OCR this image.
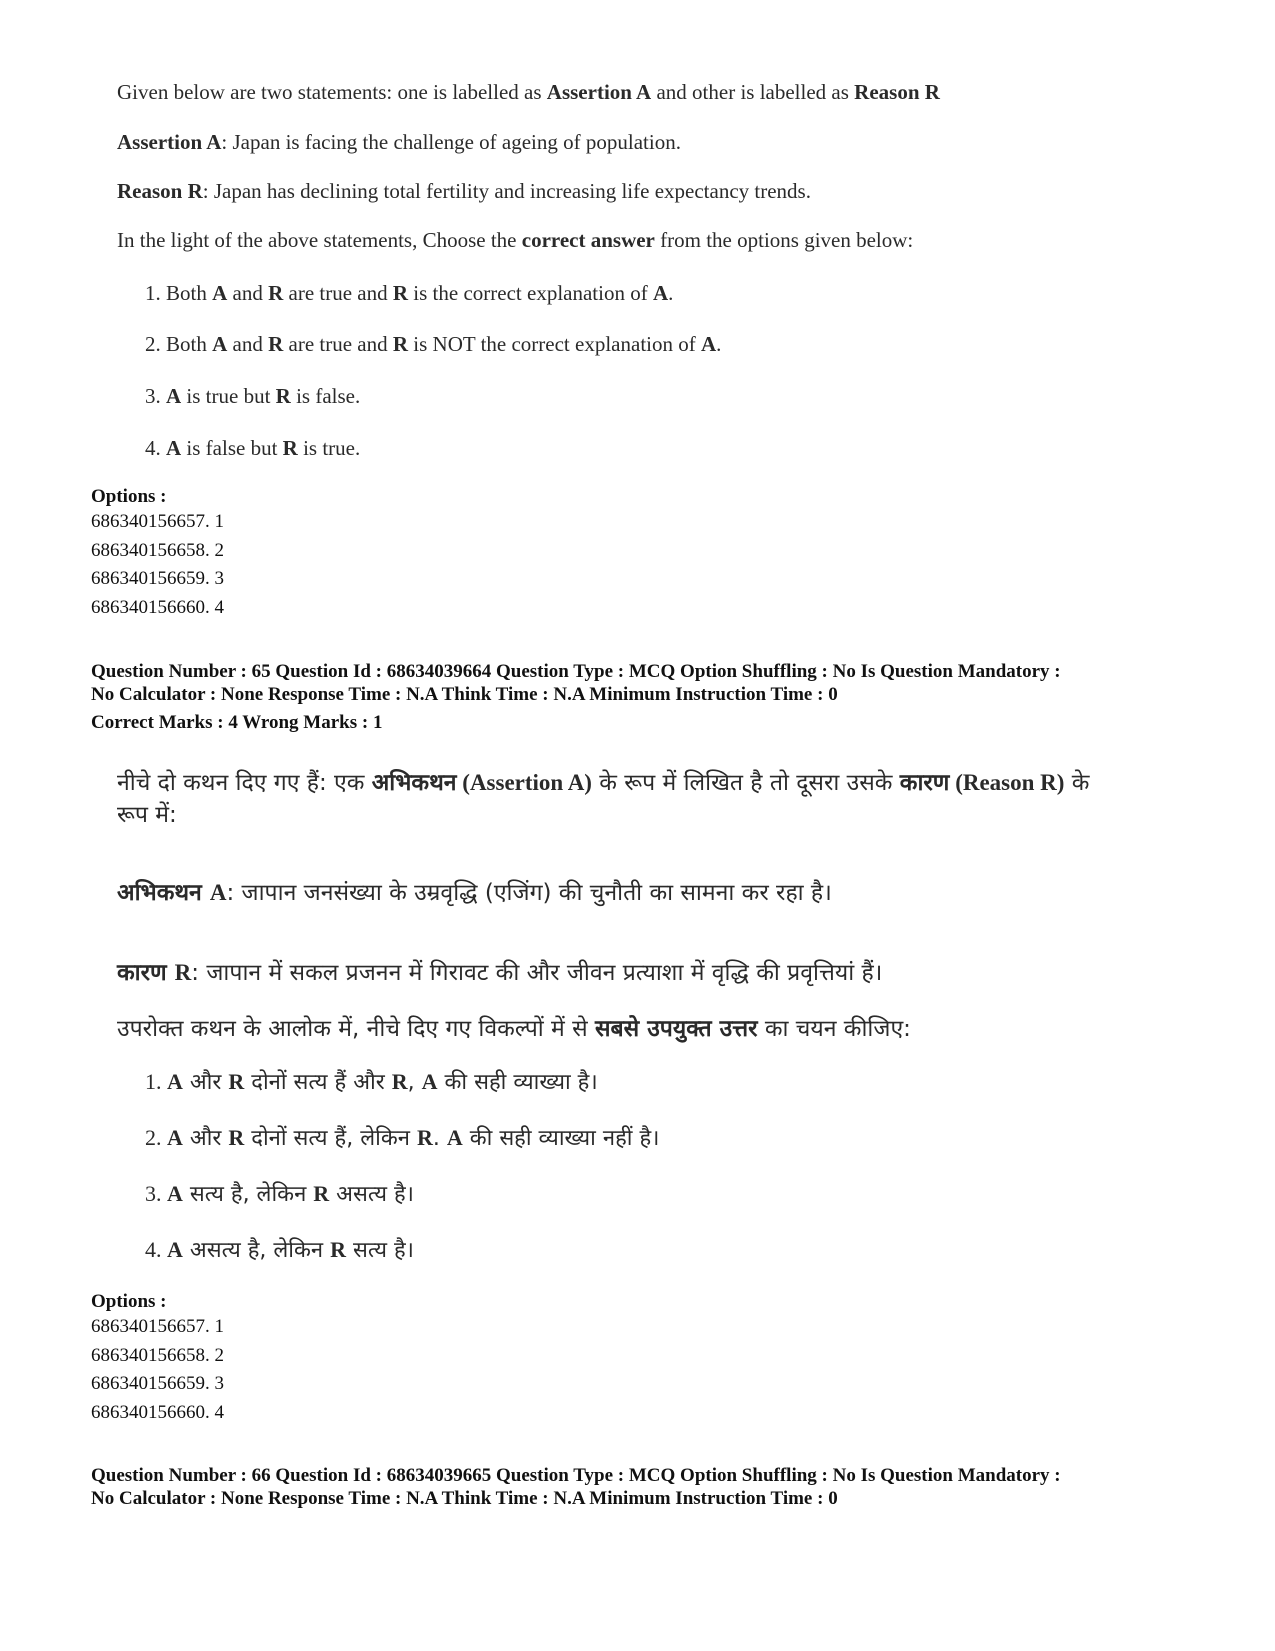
Given below are two statements: one is labelled as Assertion A and other is labelled as Reason R
Assertion A: Japan is facing the challenge of ageing of population.
Reason R: Japan has declining total fertility and increasing life expectancy trends.
In the light of the above statements, Choose the correct answer from the options given below:
1. Both A and R are true and R is the correct explanation of A.
2. Both A and R are true and R is NOT the correct explanation of A.
3. A is true but R is false.
4. A is false but R is true.
Options :
686340156657. 1
686340156658. 2
686340156659. 3
686340156660. 4
Question Number : 65 Question Id : 68634039664 Question Type : MCQ Option Shuffling : No Is Question Mandatory :
No Calculator : None Response Time : N.A Think Time : N.A Minimum Instruction Time : 0
Correct Marks : 4 Wrong Marks : 1
नीचे दो कथन दिए गए हैं: एक अभिकथन (Assertion A) के रूप में लिखित है तो दूसरा उसके कारण (Reason R) के
रूप में:
अभिकथन A: जापान जनसंख्या के उम्रवृद्धि (एजिंग) की चुनौती का सामना कर रहा है।
कारण R: जापान में सकल प्रजनन में गिरावट की और जीवन प्रत्याशा में वृद्धि की प्रवृत्तियां हैं।
उपरोक्त कथन के आलोक में, नीचे दिए गए विकल्पों में से सबसे उपयुक्त उत्तर का चयन कीजिए:
1. A और R दोनों सत्य हैं और R, A की सही व्याख्या है।
2. A और R दोनों सत्य हैं, लेकिन R. A की सही व्याख्या नहीं है।
3. A सत्य है, लेकिन R असत्य है।
4. A असत्य है, लेकिन R सत्य है।
Options :
686340156657. 1
686340156658. 2
686340156659. 3
686340156660. 4
Question Number : 66 Question Id : 68634039665 Question Type : MCQ Option Shuffling : No Is Question Mandatory :
No Calculator : None Response Time : N.A Think Time : N.A Minimum Instruction Time : 0
